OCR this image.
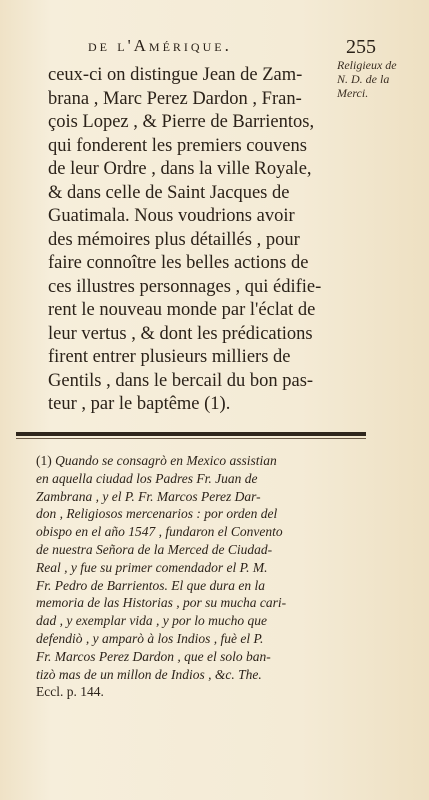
de l'Amérique.	255
Religieux de
N. D. de la
Merci.
ceux-ci on distingue Jean de Zam-
brana , Marc Perez Dardon , Fran-
çois Lopez , & Pierre de Barrientos,
qui fonderent les premiers couvens
de leur Ordre , dans la ville Royale,
& dans celle de Saint Jacques de
Guatimala. Nous voudrions avoir
des mémoires plus détaillés , pour
faire connoître les belles actions de
ces illustres personnages , qui édifie-
rent le nouveau monde par l'éclat de
leur vertus , & dont les prédications
firent entrer plusieurs milliers de
Gentils , dans le bercail du bon pas-
teur , par le baptême (1).
(1) Quando se consagrò en Mexico assistian
en aquella ciudad los Padres Fr. Juan de
Zambrana , y el P. Fr. Marcos Perez Dar-
don , Religiosos mercenarios : por orden del
obispo en el año 1547 , fundaron el Convento
de nuestra Señora de la Merced de Ciudad-
Real , y fue su primer comendador el P. M.
Fr. Pedro de Barrientos. El que dura en la
memoria de las Historias , por su mucha cari-
dad , y exemplar vida , y por lo mucho que
defendiò , y amparò à los Indios , fuè el P.
Fr. Marcos Perez Dardon , que el solo ban-
tizò mas de un millon de Indios , &c. The.
Eccl. p. 144.
